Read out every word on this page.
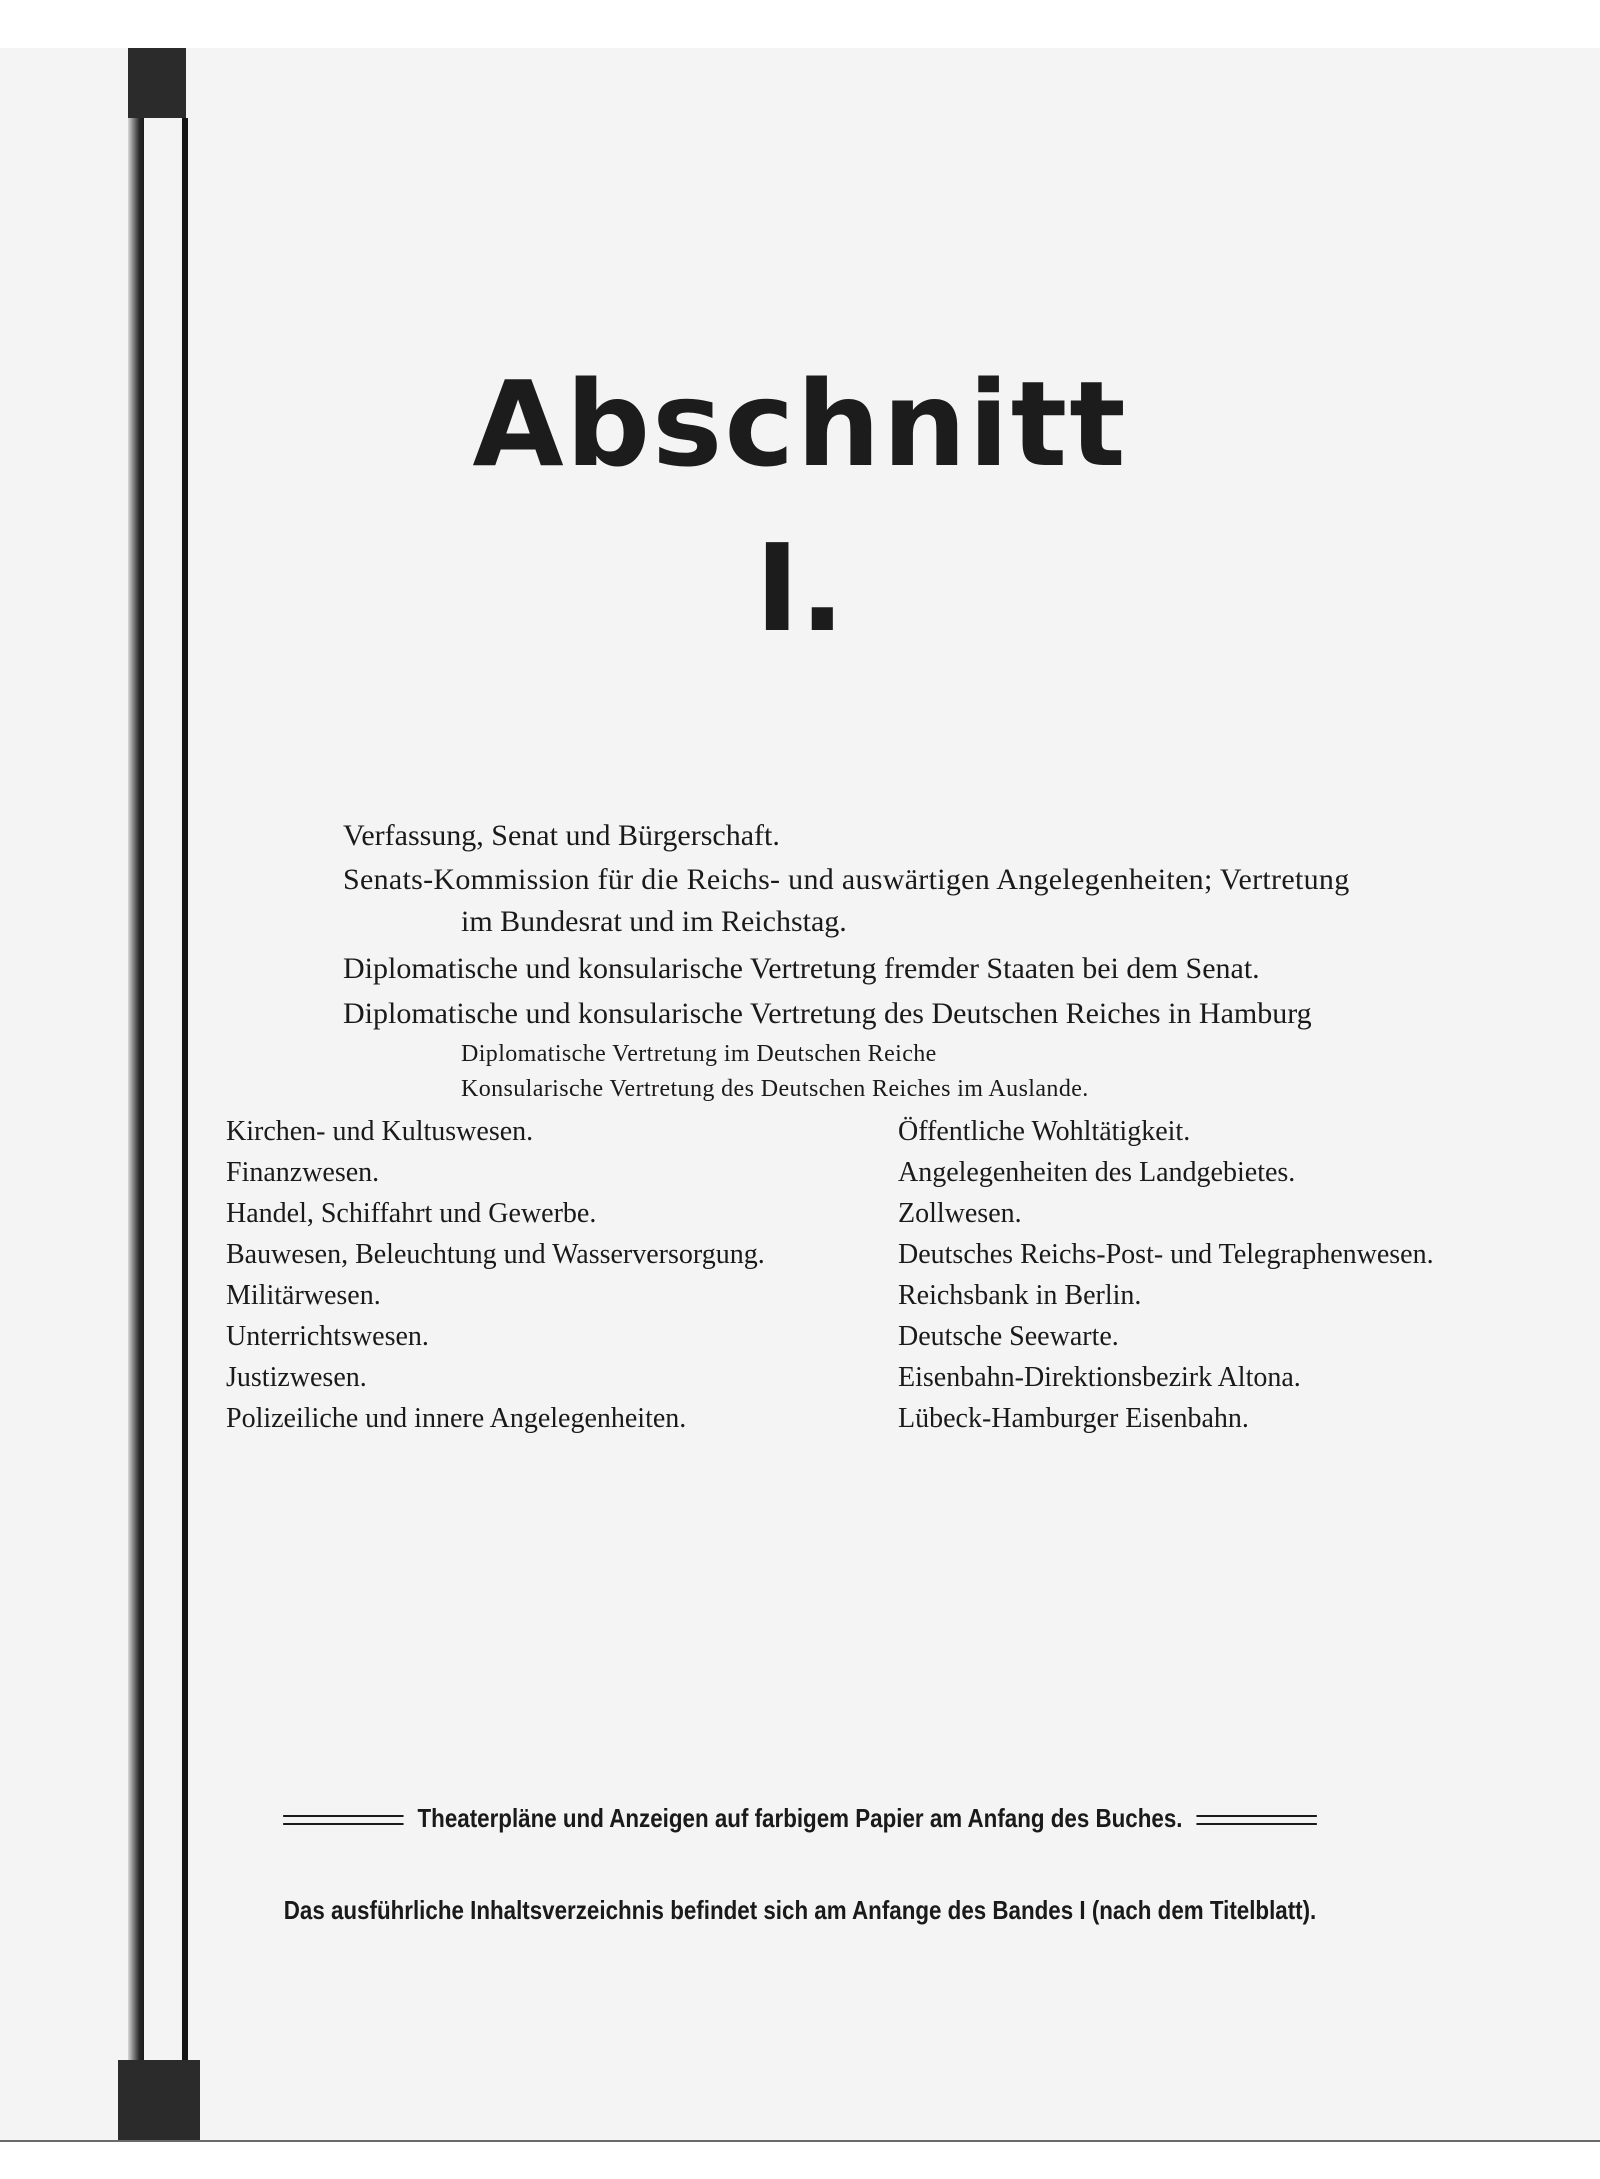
Abschnitt
I.
Verfassung, Senat und Bürgerschaft.
Senats-Kommission für die Reichs- und auswärtigen Angelegenheiten; Vertretung
im Bundesrat und im Reichstag.
Diplomatische und konsularische Vertretung fremder Staaten bei dem Senat.
Diplomatische und konsularische Vertretung des Deutschen Reiches in Hamburg
Diplomatische Vertretung im Deutschen Reiche
Konsularische Vertretung des Deutschen Reiches im Auslande.
Kirchen- und Kultuswesen.
Finanzwesen.
Handel, Schiffahrt und Gewerbe.
Bauwesen, Beleuchtung und Wasserversorgung.
Militärwesen.
Unterrichtswesen.
Justizwesen.
Polizeiliche und innere Angelegenheiten.
Öffentliche Wohltätigkeit.
Angelegenheiten des Landgebietes.
Zollwesen.
Deutsches Reichs-Post- und Telegraphenwesen.
Reichsbank in Berlin.
Deutsche Seewarte.
Eisenbahn-Direktionsbezirk Altona.
Lübeck-Hamburger Eisenbahn.
Theaterpläne und Anzeigen auf farbigem Papier am Anfang des Buches.
Das ausführliche Inhaltsverzeichnis befindet sich am Anfange des Bandes I (nach dem Titelblatt).
